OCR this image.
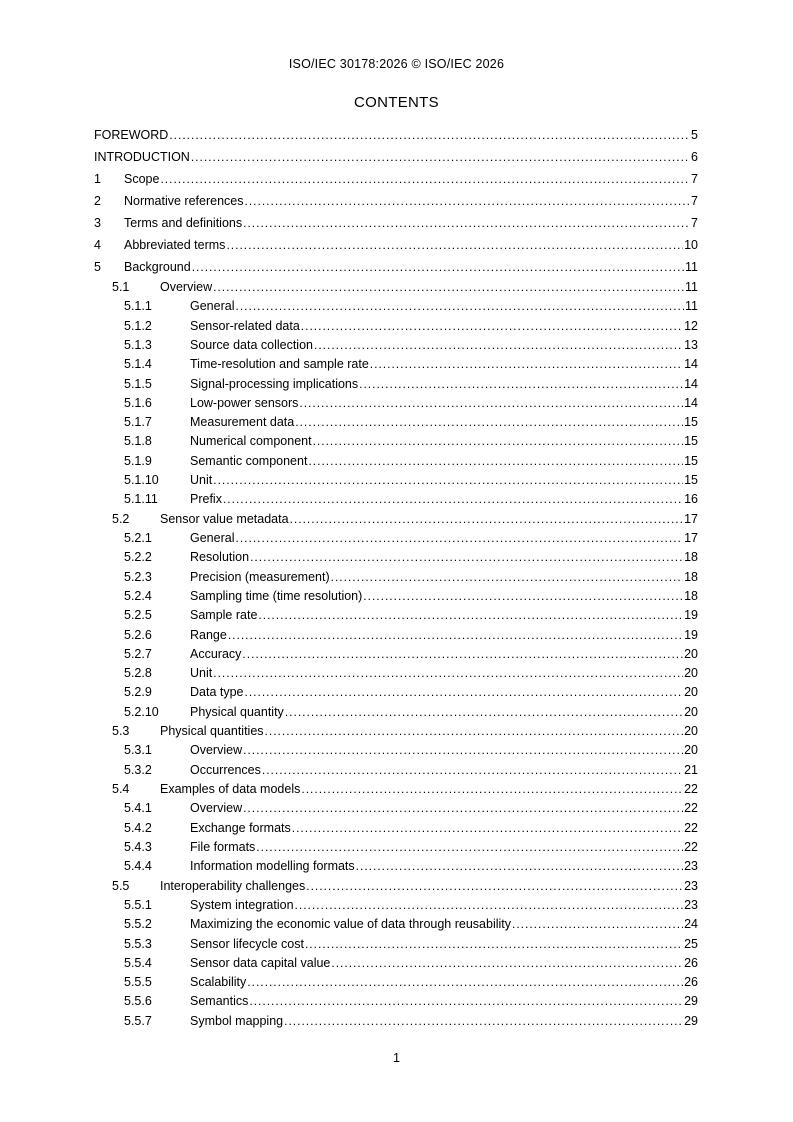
ISO/IEC 30178:2026 © ISO/IEC 2026
CONTENTS
FOREWORD .....	5
INTRODUCTION .....	6
1	Scope .....	7
2	Normative references .....	7
3	Terms and definitions .....	7
4	Abbreviated terms .....	10
5	Background .....	11
5.1	Overview .....	11
5.1.1	General .....	11
5.1.2	Sensor-related data .....	12
5.1.3	Source data collection .....	13
5.1.4	Time-resolution and sample rate .....	14
5.1.5	Signal-processing implications .....	14
5.1.6	Low-power sensors .....	14
5.1.7	Measurement data .....	15
5.1.8	Numerical component .....	15
5.1.9	Semantic component .....	15
5.1.10	Unit .....	15
5.1.11	Prefix .....	16
5.2	Sensor value metadata .....	17
5.2.1	General .....	17
5.2.2	Resolution .....	18
5.2.3	Precision (measurement) .....	18
5.2.4	Sampling time (time resolution) .....	18
5.2.5	Sample rate .....	19
5.2.6	Range .....	19
5.2.7	Accuracy .....	20
5.2.8	Unit .....	20
5.2.9	Data type .....	20
5.2.10	Physical quantity .....	20
5.3	Physical quantities .....	20
5.3.1	Overview .....	20
5.3.2	Occurrences .....	21
5.4	Examples of data models .....	22
5.4.1	Overview .....	22
5.4.2	Exchange formats .....	22
5.4.3	File formats .....	22
5.4.4	Information modelling formats .....	23
5.5	Interoperability challenges .....	23
5.5.1	System integration .....	23
5.5.2	Maximizing the economic value of data through reusability .....	24
5.5.3	Sensor lifecycle cost .....	25
5.5.4	Sensor data capital value .....	26
5.5.5	Scalability .....	26
5.5.6	Semantics .....	29
5.5.7	Symbol mapping .....	29
1
